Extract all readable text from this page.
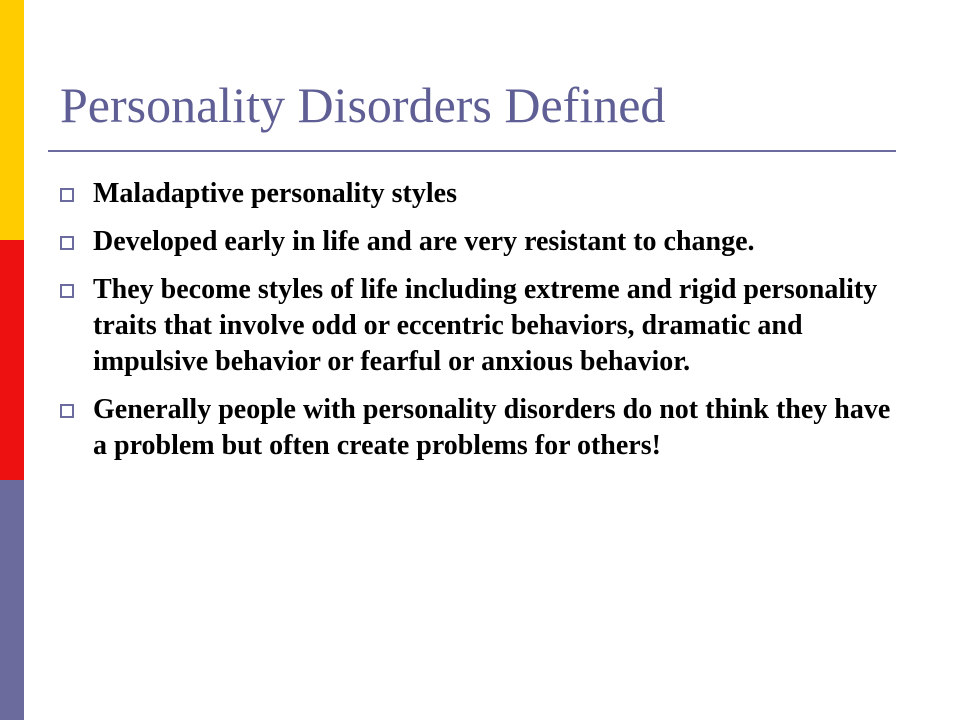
Personality Disorders Defined
Maladaptive personality styles
Developed early in life and are very resistant to change.
They become styles of life including extreme and rigid personality traits that involve odd or eccentric behaviors, dramatic and impulsive behavior or fearful or anxious behavior.
Generally people with personality disorders do not think they have a problem but often create problems for others!
